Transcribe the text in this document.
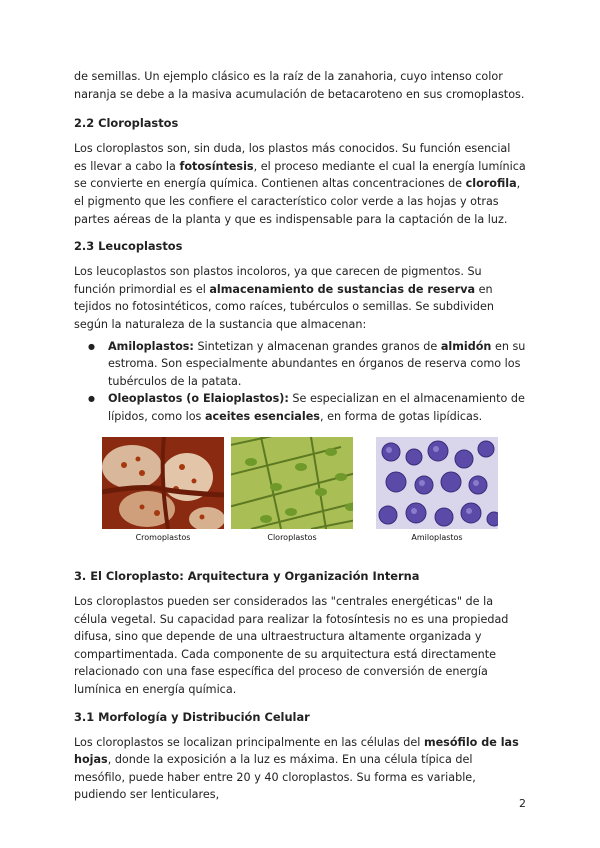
de semillas. Un ejemplo clásico es la raíz de la zanahoria, cuyo intenso color naranja se debe a la masiva acumulación de betacaroteno en sus cromoplastos.

2.2 Cloroplastos

Los cloroplastos son, sin duda, los plastos más conocidos. Su función esencial es llevar a cabo la fotosíntesis, el proceso mediante el cual la energía lumínica se convierte en energía química. Contienen altas concentraciones de clorofila, el pigmento que les confiere el característico color verde a las hojas y otras partes aéreas de la planta y que es indispensable para la captación de la luz.

2.3 Leucoplastos

Los leucoplastos son plastos incoloros, ya que carecen de pigmentos. Su función primordial es el almacenamiento de sustancias de reserva en tejidos no fotosintéticos, como raíces, tubérculos o semillas. Se subdividen según la naturaleza de la sustancia que almacenan:

● Amiloplastos: Sintetizan y almacenan grandes granos de almidón en su estroma. Son especialmente abundantes en órganos de reserva como los tubérculos de la patata.
● Oleoplastos (o Elaioplastos): Se especializan en el almacenamiento de lípidos, como los aceites esenciales, en forma de gotas lipídicas.
Cromoplastos	Cloroplastos	Amiloplastos
3. El Cloroplasto: Arquitectura y Organización Interna

Los cloroplastos pueden ser considerados las "centrales energéticas" de la célula vegetal. Su capacidad para realizar la fotosíntesis no es una propiedad difusa, sino que depende de una ultraestructura altamente organizada y compartimentada. Cada componente de su arquitectura está directamente relacionado con una fase específica del proceso de conversión de energía lumínica en energía química.

3.1 Morfología y Distribución Celular

Los cloroplastos se localizan principalmente en las células del mesófilo de las hojas, donde la exposición a la luz es máxima. En una célula típica del mesófilo, puede haber entre 20 y 40 cloroplastos. Su forma es variable, pudiendo ser lenticulares,

2
